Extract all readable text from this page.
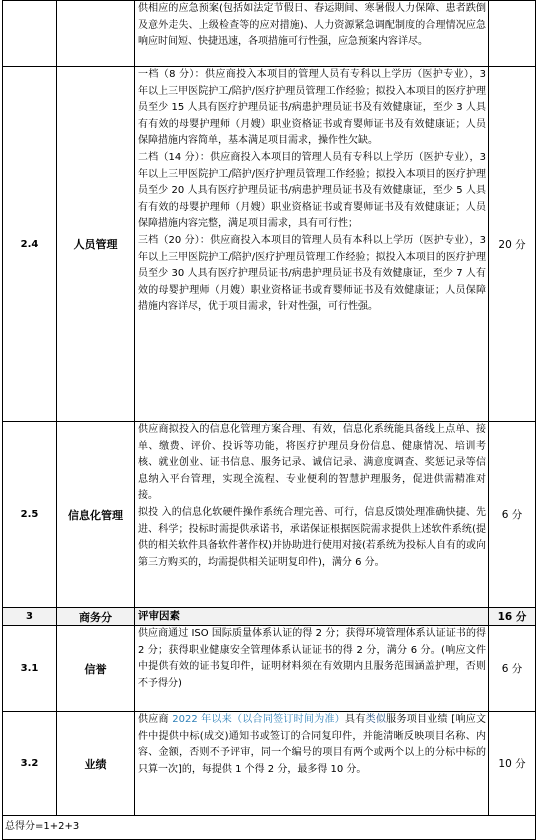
		供相应的应急预案(包括如法定节假日、春运期间、寒暑假人力保障、患者跌倒及意外走失、上级检查等的应对措施)、人力资源紧急调配制度的合理情况应急响应时间短、快捷迅速，各项措施可行性强，应急预案内容详尽。	

2.4	人员管理	一档（8 分）：供应商投入本项目的管理人员有专科以上学历（医护专业），3 年以上三甲医院护工/陪护/医疗护理员管理工作经验；拟投入本项目的医疗护理员至少 15 人具有医疗护理员证书/病患护理员证书及有效健康证，至少 3 人具有有效的母婴护理师（月嫂）职业资格证书或育婴师证书及有效健康证；人员保障措施内容简单，基本满足项目需求，操作性欠缺。

二档（14 分）：供应商投入本项目的管理人员有专科以上学历（医护专业），3 年以上三甲医院护工/陪护/医疗护理员管理工作经验；拟投入本项目的医疗护理员至少 20 人具有医疗护理员证书/病患护理员证书及有效健康证，至少 5 人具有有效的母婴护理师（月嫂）职业资格证书或育婴师证书及有效健康证；人员保障措施内容完整，满足项目需求，具有可行性；

三档（20 分）：供应商投入本项目的管理人员有本科以上学历（医护专业），3 年以上三甲医院护工/陪护/医疗护理员管理工作经验；拟投入本项目的医疗护理员至少 30 人具有医疗护理员证书/病患护理员证书及有效健康证，至少 7 人有效的母婴护理师（月嫂）职业资格证书或育婴师证书及有效健康证；人员保障措施内容详尽，优于项目需求，针对性强，可行性强。	20 分
2.5	信息化管理	供应商拟投入的信息化管理方案合理、有效，信息化系统能具备线上点单、接单、缴费、评价、投诉等功能，将医疗护理员身份信息、健康情况、培训考核、就业创业、证书信息、服务记录、诚信记录、满意度调查、奖惩记录等信息纳入平台管理，实现全流程、专业便利的智慧护理服务，促进供需精准对接。

拟投 入的信息化软硬件操作系统合理完善、可行，信息反馈处理准确快捷、先进、科学；投标时需提供承诺书，承诺保证根据医院需求提供上述软件系统(提供的相关软件具备软件著作权)并协助进行使用对接(若系统为投标人自有的或向第三方购买的，均需提供相关证明复印件)，满分 6 分。	6 分
3	商务分	评审因素	16 分
3.1	信誉	供应商通过 ISO 国际质量体系认证的得 2 分；获得环境管理体系认证证书的得 2 分；获得职业健康安全管理体系认证证书的得 2 分，满分 6 分。(响应文件中提供有效的证书复印件，证明材料须在有效期内且服务范围涵盖护理，否则不予得分)	6 分
3.2	业绩	供应商 2022 年以来（以合同签订时间为准）具有类似服务项目业绩 [响应文件中提供中标(成交)通知书或签订的合同复印件，并能清晰反映项目名称、内容、金额，否则不予评审，同一个编号的项目有两个或两个以上的分标中标的只算一次]的，每提供 1 个得 2 分，最多得 10 分。	10 分
总得分=1+2+3			
